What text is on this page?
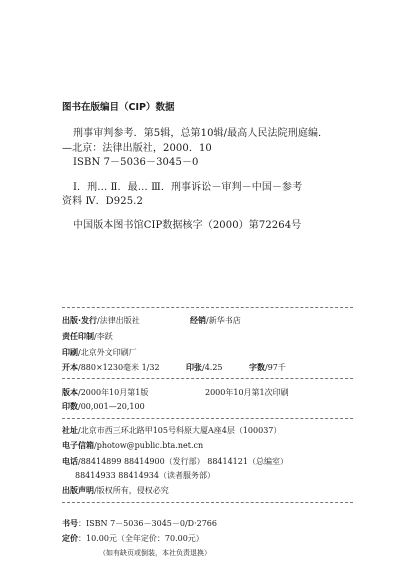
图书在版编目（CIP）数据
刑事审判参考．第5辑，总第10辑/最高人民法院刑庭编．
—北京：法律出版社，2000．10
ISBN 7－5036－3045－0
Ⅰ．刑… Ⅱ．最… Ⅲ．刑事诉讼－审判－中国－参考
资料 Ⅳ．D925.2
中国版本图书馆CIP数据核字（2000）第72264号
出版·发行/法律出版社	经销/新华书店
责任印制/李跃
印刷/北京外文印刷厂
开本/880×1230毫米 1/32	印张/4.25	字数/97千
版本/2000年10月第1版	2000年10月第1次印刷
印数/00,001—20,100
社址/北京市西三环北路甲105号科原大厦A座4层（100037）
电子信箱/photow@public.bta.net.cn
电话/88414899 88414900（发行部） 88414121（总编室）
88414933 88414934（读者服务部）
出版声明/版权所有，侵权必究
书号：ISBN 7－5036－3045－0/D·2766
定价：10.00元（全年定价：70.00元）
（如有缺页或倒装，本社负责退换）
